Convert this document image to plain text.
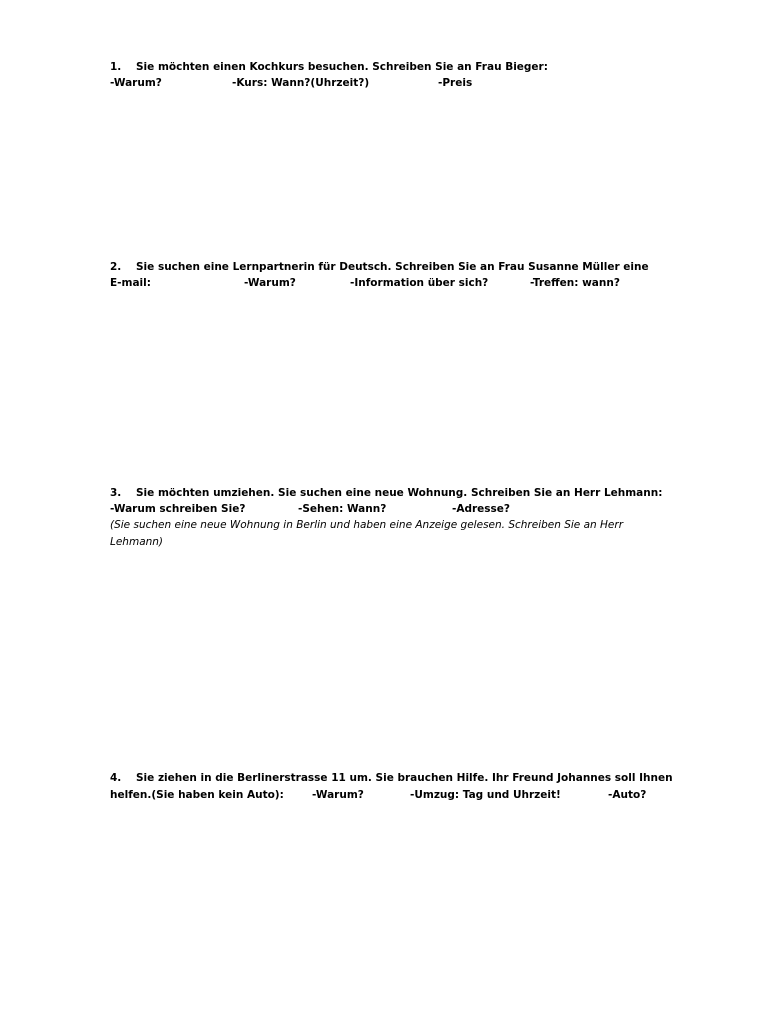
1. Sie möchten einen Kochkurs besuchen. Schreiben Sie an Frau Bieger:
-Warum?	-Kurs: Wann?(Uhrzeit?)	-Preis
2. Sie suchen eine Lernpartnerin für Deutsch. Schreiben Sie an Frau Susanne Müller eine
E-mail:	-Warum?	-Information über sich?	-Treffen: wann?
3. Sie möchten umziehen. Sie suchen eine neue Wohnung. Schreiben Sie an Herr Lehmann:
-Warum schreiben Sie?	-Sehen: Wann?	-Adresse?
(Sie suchen eine neue Wohnung in Berlin und haben eine Anzeige gelesen. Schreiben Sie an Herr
Lehmann)
4. Sie ziehen in die Berlinerstrasse 11 um. Sie brauchen Hilfe. Ihr Freund Johannes soll Ihnen
helfen.(Sie haben kein Auto):	-Warum?	-Umzug: Tag und Uhrzeit!	-Auto?
